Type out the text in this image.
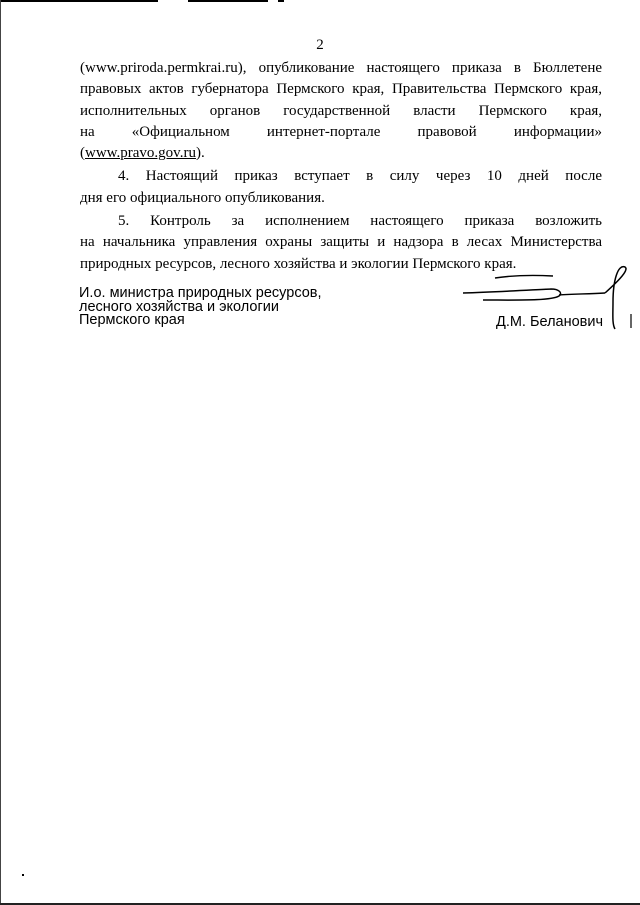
2
(www.priroda.permkrai.ru), опубликование настоящего приказа в Бюллетене
правовых актов губернатора Пермского края, Правительства Пермского края,
исполнительных органов государственной власти Пермского края,
на «Официальном интернет-портале правовой информации»
(www.pravo.gov.ru).
4. Настоящий приказ вступает в силу через 10 дней после
дня его официального опубликования.
5. Контроль за исполнением настоящего приказа возложить
на начальника управления охраны защиты и надзора в лесах Министерства
природных ресурсов, лесного хозяйства и экологии Пермского края.
И.о. министра природных ресурсов,
лесного хозяйства и экологии
Пермского края	Д.М. Беланович
